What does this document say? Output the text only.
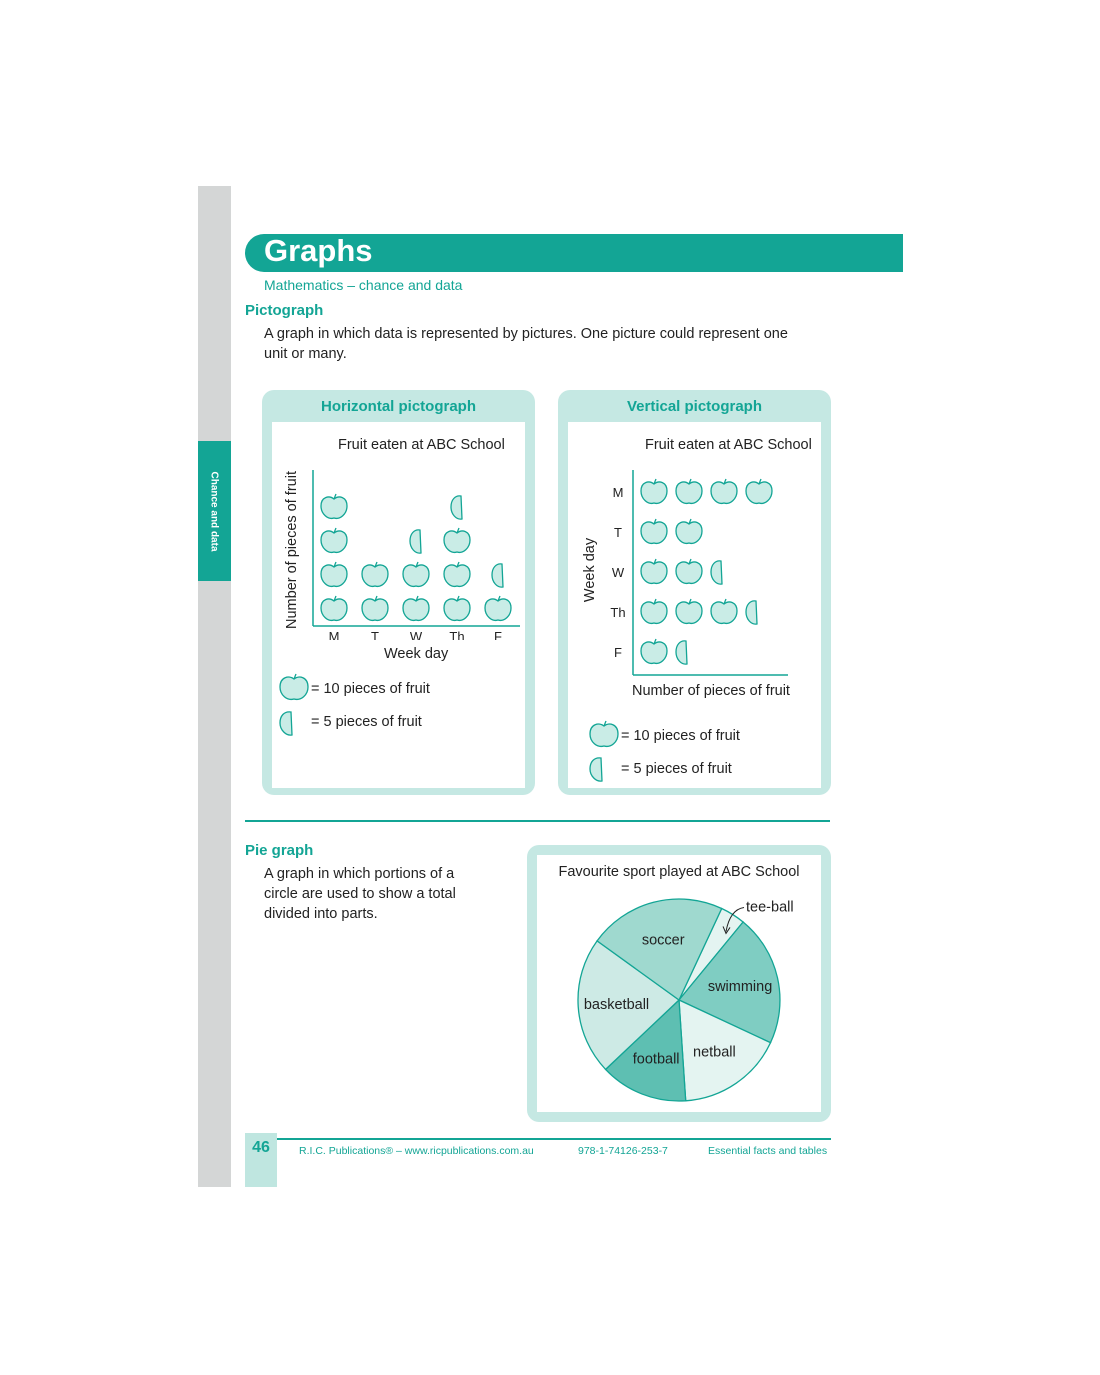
Chance and data
Graphs
Mathematics – chance and data
Pictograph
A graph in which data is represented by pictures. One picture could represent one
unit or many.
Horizontal pictograph
Fruit eaten at ABC School
Week day
Number of pieces of fruit
M T W Th F
= 10 pieces of fruit
= 5 pieces of fruit
Vertical pictograph
Fruit eaten at ABC School
Number of pieces of fruit
Week day
M
T
W
Th
F
= 10 pieces of fruit
= 5 pieces of fruit
Pie graph
A graph in which portions of a
circle are used to show a total
divided into parts.
Favourite sport played at ABC School
tee-ball
swimming
netball
football
basketball
soccer
46	R.I.C. Publications® – www.ricpublications.com.au	978-1-74126-253-7	Essential facts and tables
